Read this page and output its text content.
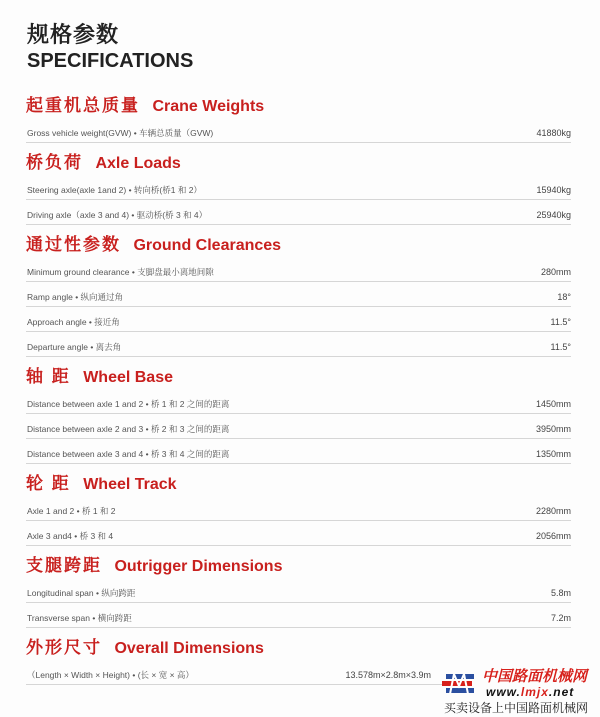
规格参数
SPECIFICATIONS
起重机总质量 Crane Weights
Gross vehicle weight(GVW) • 车辆总质量（GVW)	41880kg
桥负荷 Axle Loads
Steering axle(axle 1and 2) • 转向桥(桥1 和 2）	15940kg
Driving axle（axle 3 and 4) • 驱动桥(桥 3 和 4）	25940kg
通过性参数 Ground Clearances
Minimum ground clearance • 支脚盘最小离地间隙	280mm
Ramp angle • 纵向通过角	18°
Approach angle • 接近角	11.5°
Departure angle • 离去角	11.5°
轴 距 Wheel Base
Distance between axle 1 and 2 • 桥 1 和 2 之间的距离	1450mm
Distance between axle 2 and 3 • 桥 2 和 3 之间的距离	3950mm
Distance between axle 3 and 4 • 桥 3 和 4 之间的距离	1350mm
轮 距 Wheel Track
Axle 1 and 2 • 桥 1 和 2	2280mm
Axle 3 and4 • 桥 3 和 4	2056mm
支腿跨距 Outrigger Dimensions
Longitudinal span • 纵向跨距	5.8m
Transverse span • 横向跨距	7.2m
外形尺寸 Overall Dimensions
（Length × Width × Height) • (长 × 宽 × 高）	13.578m×2.8m×3.9m	中国路面机械网
www.lmjx.net
买卖设备上中国路面机械网
